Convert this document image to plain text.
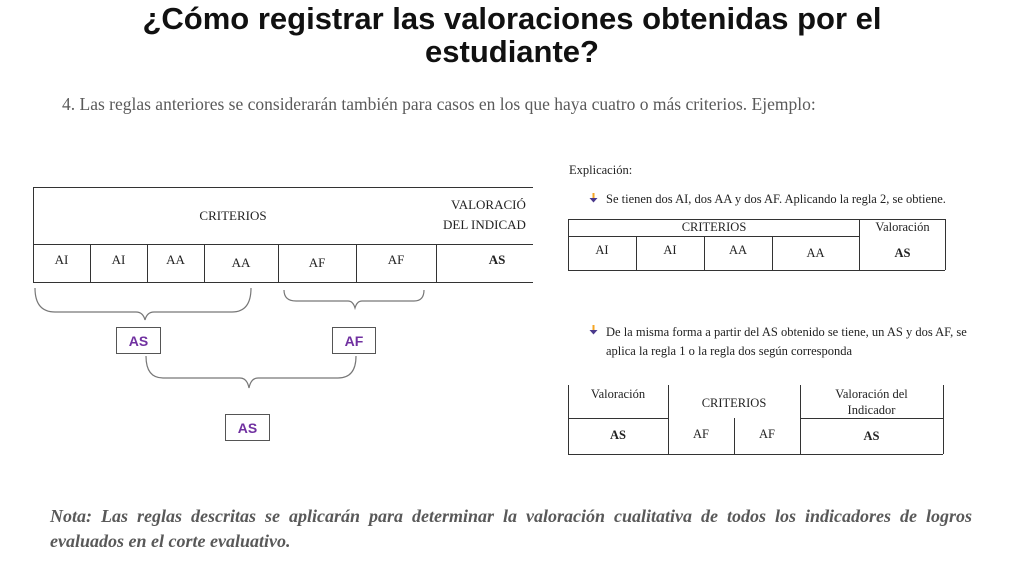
¿Cómo registrar las valoraciones obtenidas por el
estudiante?
4. Las reglas anteriores se considerarán también para casos en los que haya cuatro o más criterios. Ejemplo:
CRITERIOS
VALORACIÓ
DEL INDICAD
AI	AI	AA	AA	AF	AF	AS
AS	AF
AS
Explicación:
Se tienen dos AI, dos AA y dos AF. Aplicando la regla 2, se obtiene.
CRITERIOS	Valoración
AI	AI	AA	AA	AS
De la misma forma a partir del AS obtenido se tiene, un AS y dos AF, se
aplica la regla 1 o la regla dos según corresponda
Valoración
CRITERIOS
Valoración del
Indicador
AS	AF	AF	AS
Nota: Las reglas descritas se aplicarán para determinar la valoración cualitativa de todos los indicadores de logros evaluados en el corte evaluativo.
